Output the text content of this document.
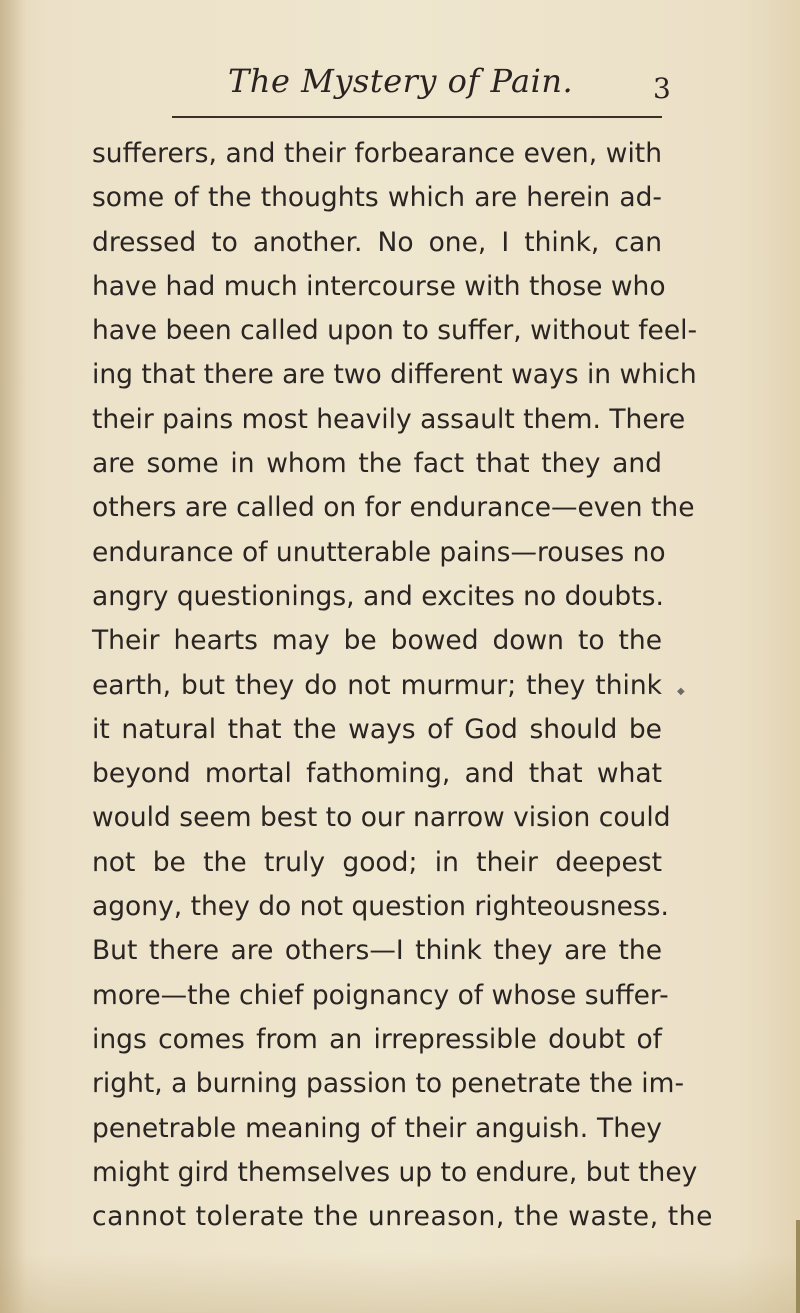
The Mystery of Pain.	3
sufferers, and their forbearance even, with
some of the thoughts which are herein ad-
dressed to another. No one, I think, can
have had much intercourse with those who
have been called upon to suffer, without feel-
ing that there are two different ways in which
their pains most heavily assault them. There
are some in whom the fact that they and
others are called on for endurance—even the
endurance of unutterable pains—rouses no
angry questionings, and excites no doubts.
Their hearts may be bowed down to the
earth, but they do not murmur; they think
it natural that the ways of God should be
beyond mortal fathoming, and that what
would seem best to our narrow vision could
not be the truly good; in their deepest
agony, they do not question righteousness.
But there are others—I think they are the
more—the chief poignancy of whose suffer-
ings comes from an irrepressible doubt of
right, a burning passion to penetrate the im-
penetrable meaning of their anguish. They
might gird themselves up to endure, but they
cannot tolerate the unreason, the waste, the
◆
